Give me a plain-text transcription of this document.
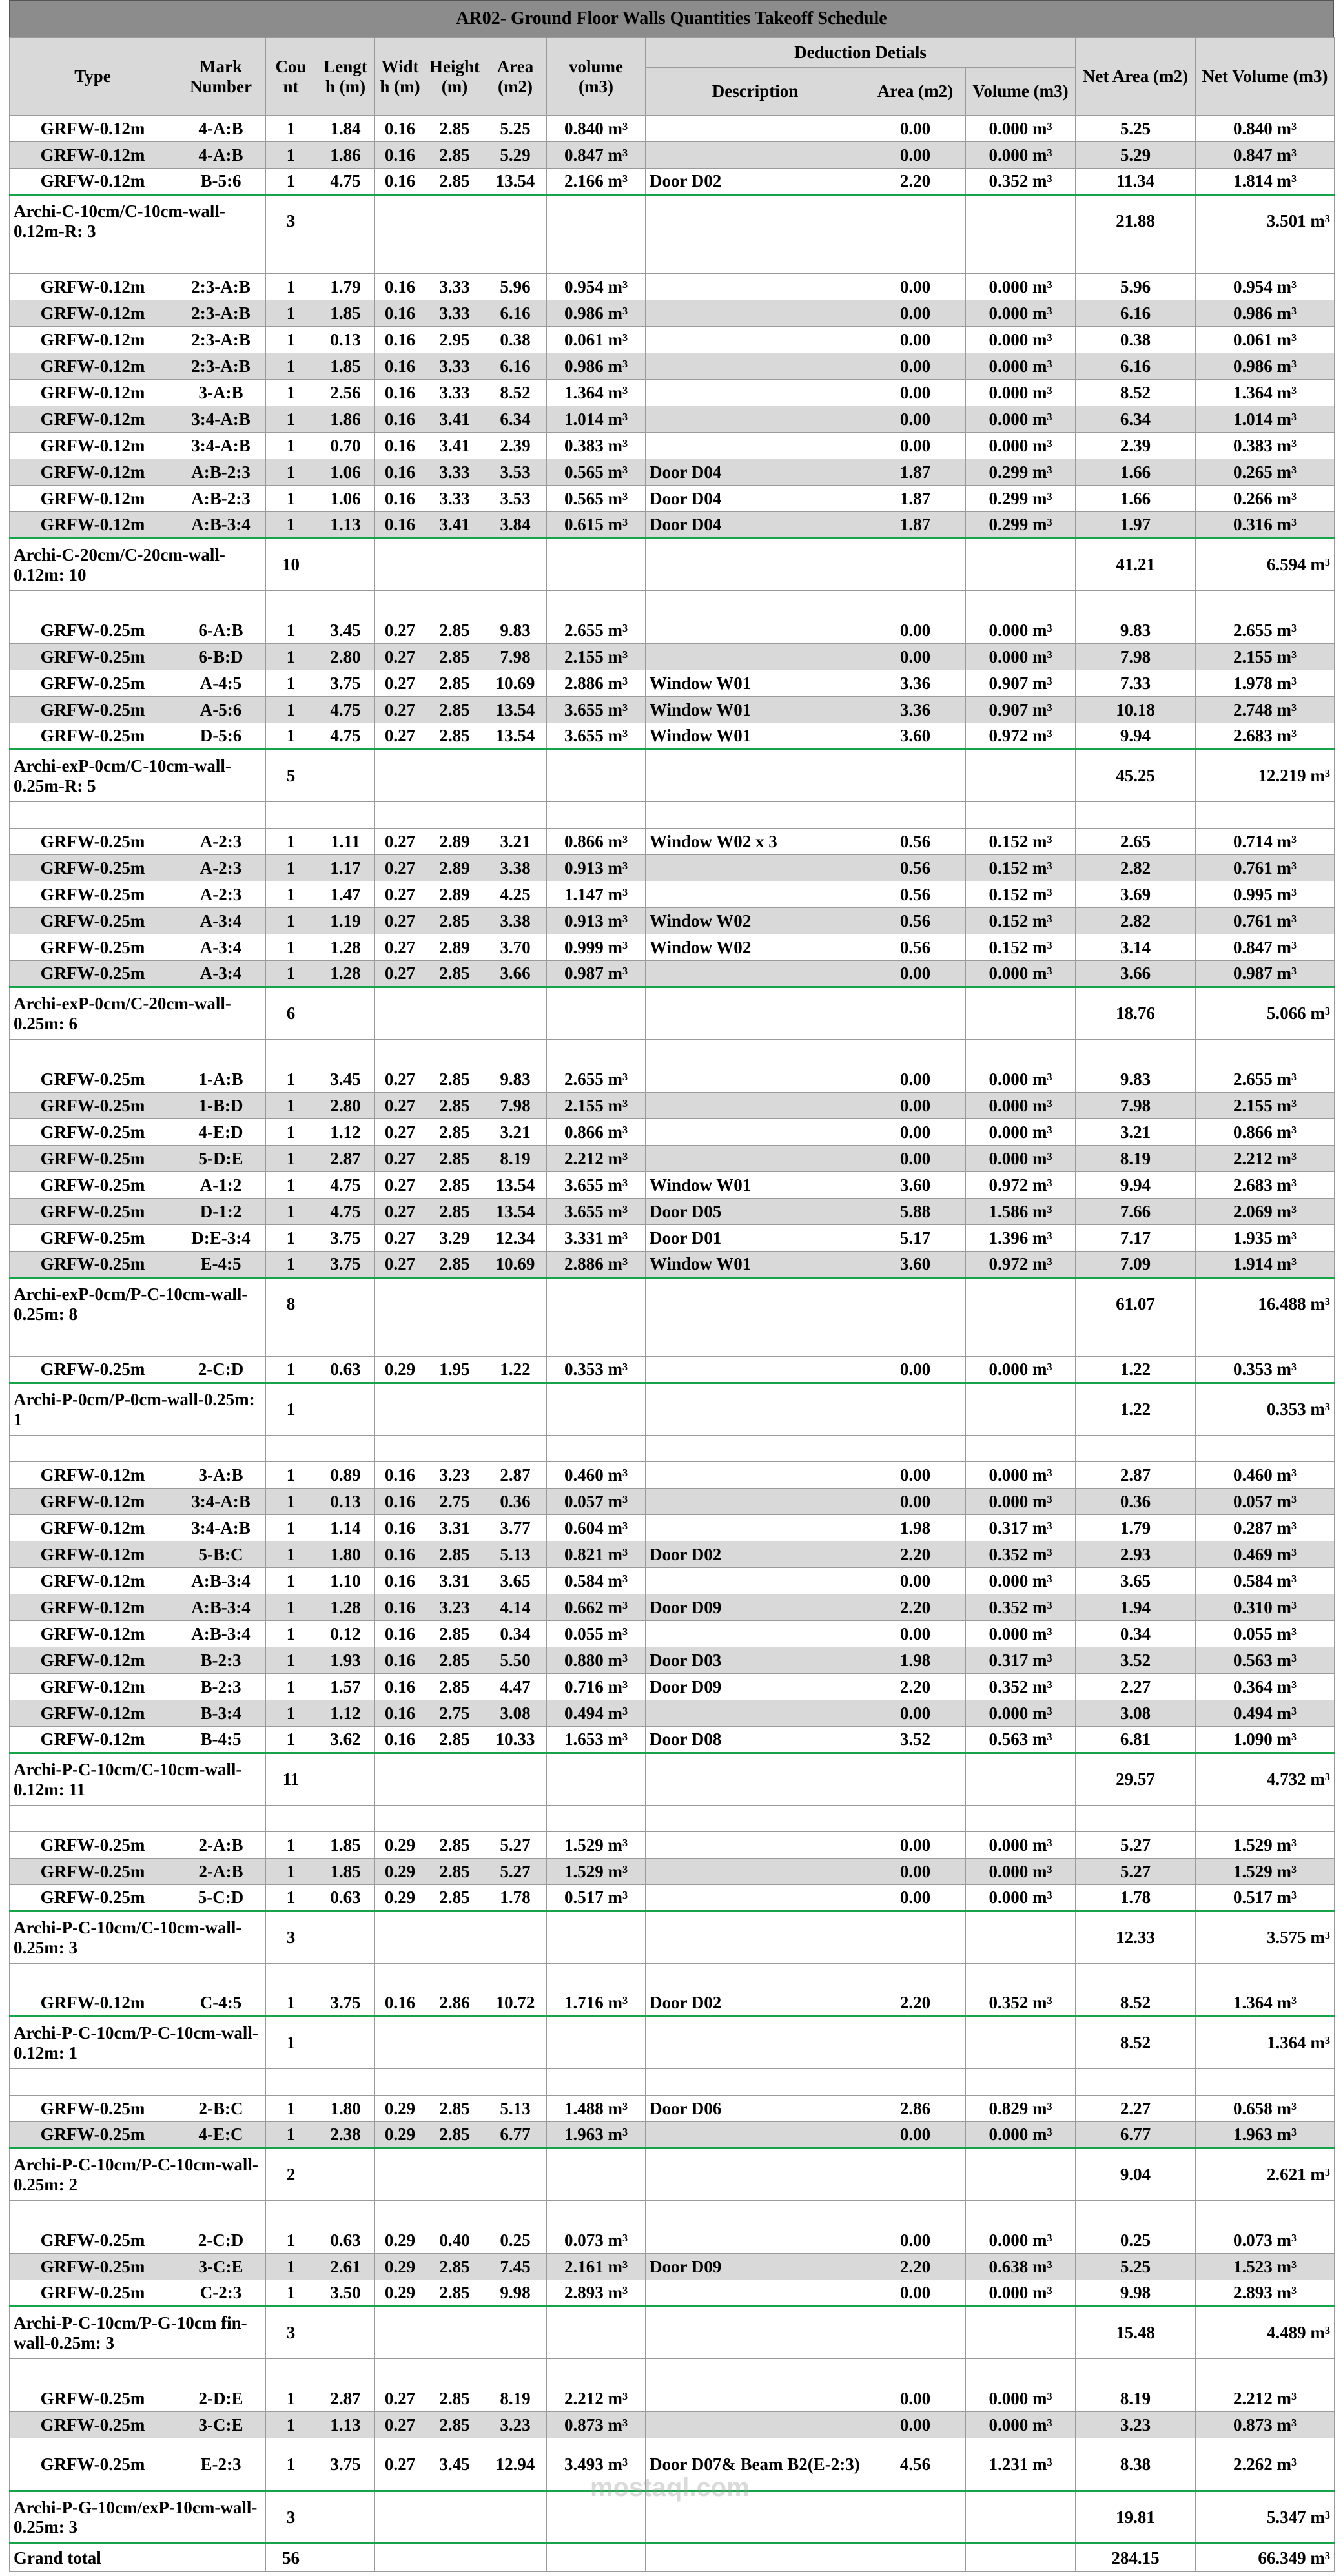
AR02- Ground Floor Walls Quantities Takeoff Schedule
Type	Mark Number	Cou nt	Lengt h (m)	Widt h (m)	Height (m)	Area (m2)	volume (m3)	Deduction Detials			Net Area (m2)	Net Volume (m3)
								Description	Area (m2)	Volume (m3)		
GRFW-0.12m	4-A:B	1	1.84	0.16	2.85	5.25	0.840 m³		0.00	0.000 m³	5.25	0.840 m³
GRFW-0.12m	4-A:B	1	1.86	0.16	2.85	5.29	0.847 m³		0.00	0.000 m³	5.29	0.847 m³
GRFW-0.12m	B-5:6	1	4.75	0.16	2.85	13.54	2.166 m³	Door D02	2.20	0.352 m³	11.34	1.814 m³
Archi-C-10cm/C-10cm-wall-0.12m-R: 3		3									21.88	3.501 m³

GRFW-0.12m	2:3-A:B	1	1.79	0.16	3.33	5.96	0.954 m³		0.00	0.000 m³	5.96	0.954 m³
GRFW-0.12m	2:3-A:B	1	1.85	0.16	3.33	6.16	0.986 m³		0.00	0.000 m³	6.16	0.986 m³
GRFW-0.12m	2:3-A:B	1	0.13	0.16	2.95	0.38	0.061 m³		0.00	0.000 m³	0.38	0.061 m³
GRFW-0.12m	2:3-A:B	1	1.85	0.16	3.33	6.16	0.986 m³		0.00	0.000 m³	6.16	0.986 m³
GRFW-0.12m	3-A:B	1	2.56	0.16	3.33	8.52	1.364 m³		0.00	0.000 m³	8.52	1.364 m³
GRFW-0.12m	3:4-A:B	1	1.86	0.16	3.41	6.34	1.014 m³		0.00	0.000 m³	6.34	1.014 m³
GRFW-0.12m	3:4-A:B	1	0.70	0.16	3.41	2.39	0.383 m³		0.00	0.000 m³	2.39	0.383 m³
GRFW-0.12m	A:B-2:3	1	1.06	0.16	3.33	3.53	0.565 m³	Door D04	1.87	0.299 m³	1.66	0.265 m³
GRFW-0.12m	A:B-2:3	1	1.06	0.16	3.33	3.53	0.565 m³	Door D04	1.87	0.299 m³	1.66	0.266 m³
GRFW-0.12m	A:B-3:4	1	1.13	0.16	3.41	3.84	0.615 m³	Door D04	1.87	0.299 m³	1.97	0.316 m³
Archi-C-20cm/C-20cm-wall-0.12m: 10		10									41.21	6.594 m³

GRFW-0.25m	6-A:B	1	3.45	0.27	2.85	9.83	2.655 m³		0.00	0.000 m³	9.83	2.655 m³
GRFW-0.25m	6-B:D	1	2.80	0.27	2.85	7.98	2.155 m³		0.00	0.000 m³	7.98	2.155 m³
GRFW-0.25m	A-4:5	1	3.75	0.27	2.85	10.69	2.886 m³	Window W01	3.36	0.907 m³	7.33	1.978 m³
GRFW-0.25m	A-5:6	1	4.75	0.27	2.85	13.54	3.655 m³	Window W01	3.36	0.907 m³	10.18	2.748 m³
GRFW-0.25m	D-5:6	1	4.75	0.27	2.85	13.54	3.655 m³	Window W01	3.60	0.972 m³	9.94	2.683 m³
Archi-exP-0cm/C-10cm-wall-0.25m-R: 5		5									45.25	12.219 m³

GRFW-0.25m	A-2:3	1	1.11	0.27	2.89	3.21	0.866 m³	Window W02 x 3	0.56	0.152 m³	2.65	0.714 m³
GRFW-0.25m	A-2:3	1	1.17	0.27	2.89	3.38	0.913 m³		0.56	0.152 m³	2.82	0.761 m³
GRFW-0.25m	A-2:3	1	1.47	0.27	2.89	4.25	1.147 m³		0.56	0.152 m³	3.69	0.995 m³
GRFW-0.25m	A-3:4	1	1.19	0.27	2.85	3.38	0.913 m³	Window W02	0.56	0.152 m³	2.82	0.761 m³
GRFW-0.25m	A-3:4	1	1.28	0.27	2.89	3.70	0.999 m³	Window W02	0.56	0.152 m³	3.14	0.847 m³
GRFW-0.25m	A-3:4	1	1.28	0.27	2.85	3.66	0.987 m³		0.00	0.000 m³	3.66	0.987 m³
Archi-exP-0cm/C-20cm-wall-0.25m: 6		6									18.76	5.066 m³

GRFW-0.25m	1-A:B	1	3.45	0.27	2.85	9.83	2.655 m³		0.00	0.000 m³	9.83	2.655 m³
GRFW-0.25m	1-B:D	1	2.80	0.27	2.85	7.98	2.155 m³		0.00	0.000 m³	7.98	2.155 m³
GRFW-0.25m	4-E:D	1	1.12	0.27	2.85	3.21	0.866 m³		0.00	0.000 m³	3.21	0.866 m³
GRFW-0.25m	5-D:E	1	2.87	0.27	2.85	8.19	2.212 m³		0.00	0.000 m³	8.19	2.212 m³
GRFW-0.25m	A-1:2	1	4.75	0.27	2.85	13.54	3.655 m³	Window W01	3.60	0.972 m³	9.94	2.683 m³
GRFW-0.25m	D-1:2	1	4.75	0.27	2.85	13.54	3.655 m³	Door D05	5.88	1.586 m³	7.66	2.069 m³
GRFW-0.25m	D:E-3:4	1	3.75	0.27	3.29	12.34	3.331 m³	Door D01	5.17	1.396 m³	7.17	1.935 m³
GRFW-0.25m	E-4:5	1	3.75	0.27	2.85	10.69	2.886 m³	Window W01	3.60	0.972 m³	7.09	1.914 m³
Archi-exP-0cm/P-C-10cm-wall-0.25m: 8		8									61.07	16.488 m³

GRFW-0.25m	2-C:D	1	0.63	0.29	1.95	1.22	0.353 m³		0.00	0.000 m³	1.22	0.353 m³
Archi-P-0cm/P-0cm-wall-0.25m: 1		1									1.22	0.353 m³

GRFW-0.12m	3-A:B	1	0.89	0.16	3.23	2.87	0.460 m³		0.00	0.000 m³	2.87	0.460 m³
GRFW-0.12m	3:4-A:B	1	0.13	0.16	2.75	0.36	0.057 m³		0.00	0.000 m³	0.36	0.057 m³
GRFW-0.12m	3:4-A:B	1	1.14	0.16	3.31	3.77	0.604 m³		1.98	0.317 m³	1.79	0.287 m³
GRFW-0.12m	5-B:C	1	1.80	0.16	2.85	5.13	0.821 m³	Door D02	2.20	0.352 m³	2.93	0.469 m³
GRFW-0.12m	A:B-3:4	1	1.10	0.16	3.31	3.65	0.584 m³		0.00	0.000 m³	3.65	0.584 m³
GRFW-0.12m	A:B-3:4	1	1.28	0.16	3.23	4.14	0.662 m³	Door D09	2.20	0.352 m³	1.94	0.310 m³
GRFW-0.12m	A:B-3:4	1	0.12	0.16	2.85	0.34	0.055 m³		0.00	0.000 m³	0.34	0.055 m³
GRFW-0.12m	B-2:3	1	1.93	0.16	2.85	5.50	0.880 m³	Door D03	1.98	0.317 m³	3.52	0.563 m³
GRFW-0.12m	B-2:3	1	1.57	0.16	2.85	4.47	0.716 m³	Door D09	2.20	0.352 m³	2.27	0.364 m³
GRFW-0.12m	B-3:4	1	1.12	0.16	2.75	3.08	0.494 m³		0.00	0.000 m³	3.08	0.494 m³
GRFW-0.12m	B-4:5	1	3.62	0.16	2.85	10.33	1.653 m³	Door D08	3.52	0.563 m³	6.81	1.090 m³
Archi-P-C-10cm/C-10cm-wall-0.12m: 11		11									29.57	4.732 m³

GRFW-0.25m	2-A:B	1	1.85	0.29	2.85	5.27	1.529 m³		0.00	0.000 m³	5.27	1.529 m³
GRFW-0.25m	2-A:B	1	1.85	0.29	2.85	5.27	1.529 m³		0.00	0.000 m³	5.27	1.529 m³
GRFW-0.25m	5-C:D	1	0.63	0.29	2.85	1.78	0.517 m³		0.00	0.000 m³	1.78	0.517 m³
Archi-P-C-10cm/C-10cm-wall-0.25m: 3		3									12.33	3.575 m³

GRFW-0.12m	C-4:5	1	3.75	0.16	2.86	10.72	1.716 m³	Door D02	2.20	0.352 m³	8.52	1.364 m³
Archi-P-C-10cm/P-C-10cm-wall-0.12m: 1		1									8.52	1.364 m³

GRFW-0.25m	2-B:C	1	1.80	0.29	2.85	5.13	1.488 m³	Door D06	2.86	0.829 m³	2.27	0.658 m³
GRFW-0.25m	4-E:C	1	2.38	0.29	2.85	6.77	1.963 m³		0.00	0.000 m³	6.77	1.963 m³
Archi-P-C-10cm/P-C-10cm-wall-0.25m: 2		2									9.04	2.621 m³

GRFW-0.25m	2-C:D	1	0.63	0.29	0.40	0.25	0.073 m³		0.00	0.000 m³	0.25	0.073 m³
GRFW-0.25m	3-C:E	1	2.61	0.29	2.85	7.45	2.161 m³	Door D09	2.20	0.638 m³	5.25	1.523 m³
GRFW-0.25m	C-2:3	1	3.50	0.29	2.85	9.98	2.893 m³		0.00	0.000 m³	9.98	2.893 m³
Archi-P-C-10cm/P-G-10cm fin-wall-0.25m: 3		3									15.48	4.489 m³

GRFW-0.25m	2-D:E	1	2.87	0.27	2.85	8.19	2.212 m³		0.00	0.000 m³	8.19	2.212 m³
GRFW-0.25m	3-C:E	1	1.13	0.27	2.85	3.23	0.873 m³		0.00	0.000 m³	3.23	0.873 m³
GRFW-0.25m	E-2:3	1	3.75	0.27	3.45	12.94	3.493 m³	Door D07& Beam B2(E-2:3)	4.56	1.231 m³	8.38	2.262 m³
Archi-P-G-10cm/exP-10cm-wall-0.25m: 3		3									19.81	5.347 m³
Grand total		56									284.15	66.349 m³
mostaql.com
